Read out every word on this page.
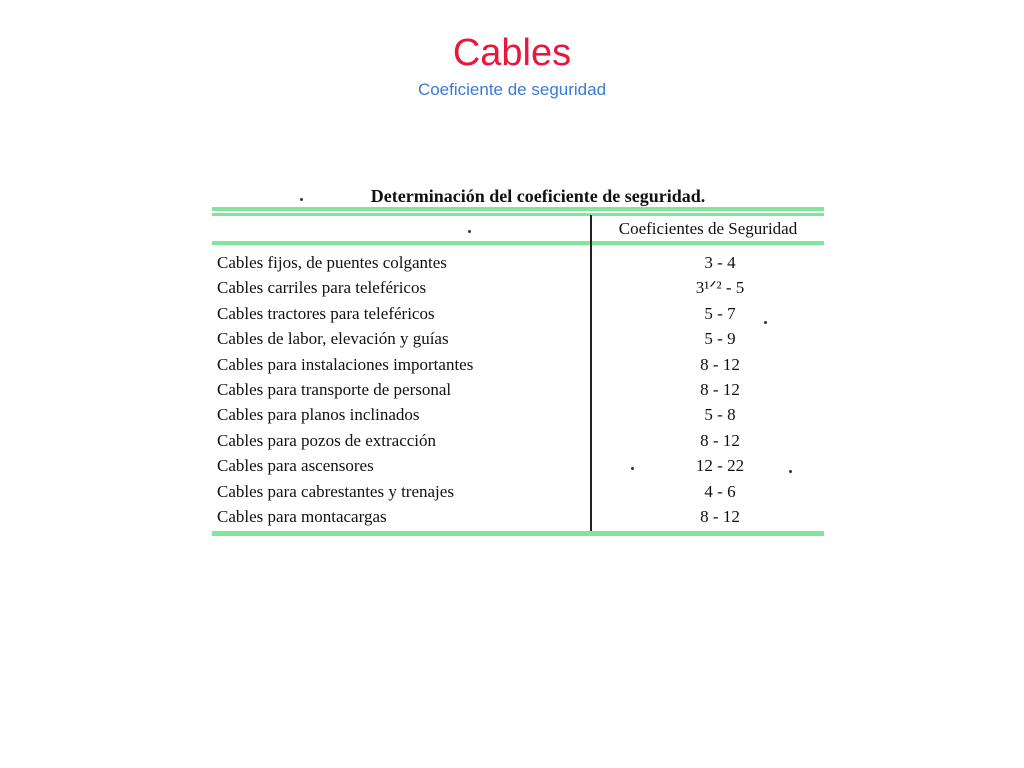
Cables
Coeficiente de seguridad
Determinación del coeficiente de seguridad.
Coeficientes de Seguridad
Cables fijos, de puentes colgantes	3 - 4
Cables carriles para teleféricos	3¹ᐟ² - 5
Cables tractores para teleféricos	5 - 7
Cables de labor, elevación y guías	5 - 9
Cables para instalaciones importantes	8 - 12
Cables para transporte de personal	8 - 12
Cables para planos inclinados	5 - 8
Cables para pozos de extracción	8 - 12
Cables para ascensores	12 - 22
Cables para cabrestantes y trenajes	4 - 6
Cables para montacargas	8 - 12
